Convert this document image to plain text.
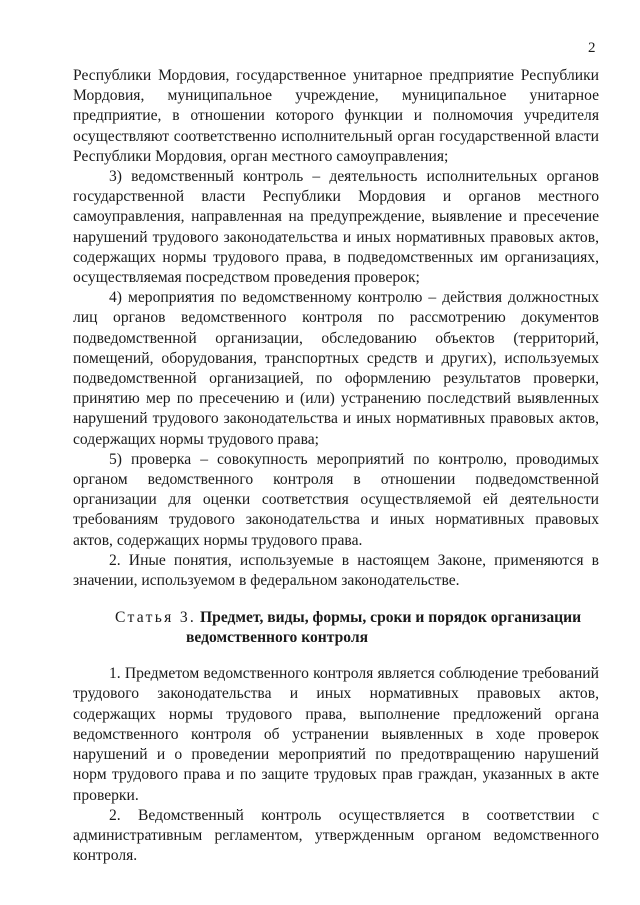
2

Республики Мордовия, государственное унитарное предприятие Республики Мордовия, муниципальное учреждение, муниципальное унитарное предприятие, в отношении которого функции и полномочия учредителя осуществляют соответственно исполнительный орган государственной власти Республики Мордовия, орган местного самоуправления;

3) ведомственный контроль – деятельность исполнительных органов государственной власти Республики Мордовия и органов местного самоуправления, направленная на предупреждение, выявление и пресечение нарушений трудового законодательства и иных нормативных правовых актов, содержащих нормы трудового права, в подведомственных им организациях, осуществляемая посредством проведения проверок;

4) мероприятия по ведомственному контролю – действия должностных лиц органов ведомственного контроля по рассмотрению документов подведомственной организации, обследованию объектов (территорий, помещений, оборудования, транспортных средств и других), используемых подведомственной организацией, по оформлению результатов проверки, принятию мер по пресечению и (или) устранению последствий выявленных нарушений трудового законодательства и иных нормативных правовых актов, содержащих нормы трудового права;

5) проверка – совокупность мероприятий по контролю, проводимых органом ведомственного контроля в отношении подведомственной организации для оценки соответствия осуществляемой ей деятельности требованиям трудового законодательства и иных нормативных правовых актов, содержащих нормы трудового права.

2. Иные понятия, используемые в настоящем Законе, применяются в значении, используемом в федеральном законодательстве.

Статья 3. Предмет, виды, формы, сроки и порядок организации
ведомственного контроля

1. Предметом ведомственного контроля является соблюдение требований трудового законодательства и иных нормативных правовых актов, содержащих нормы трудового права, выполнение предложений органа ведомственного контроля об устранении выявленных в ходе проверок нарушений и о проведении мероприятий по предотвращению нарушений норм трудового права и по защите трудовых прав граждан, указанных в акте проверки.

2. Ведомственный контроль осуществляется в соответствии с административным регламентом, утвержденным органом ведомственного контроля.
